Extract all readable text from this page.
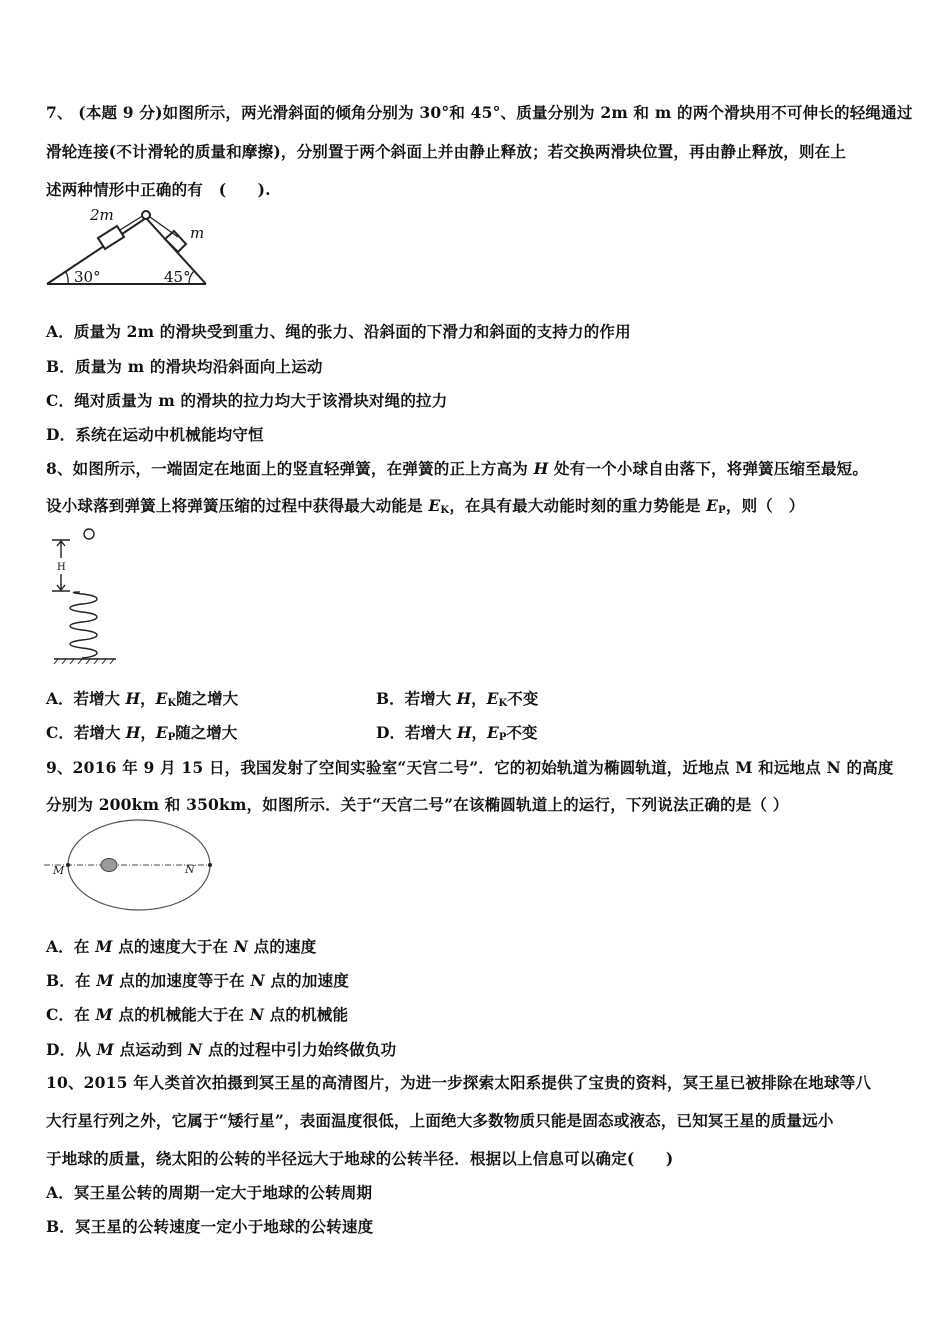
7、 (本题 9 分)如图所示，两光滑斜面的倾角分别为 30°和 45°、质量分别为 2m 和 m 的两个滑块用不可伸长的轻绳通过
滑轮连接(不计滑轮的质量和摩擦)，分别置于两个斜面上并由静止释放；若交换两滑块位置，再由静止释放，则在上
述两种情形中正确的有　(　　).
2m
m
30°	45°
A．质量为 2m 的滑块受到重力、绳的张力、沿斜面的下滑力和斜面的支持力的作用
B．质量为 m 的滑块均沿斜面向上运动
C．绳对质量为 m 的滑块的拉力均大于该滑块对绳的拉力
D．系统在运动中机械能均守恒
8、如图所示，一端固定在地面上的竖直轻弹簧，在弹簧的正上方高为 H 处有一个小球自由落下，将弹簧压缩至最短。
设小球落到弹簧上将弹簧压缩的过程中获得最大动能是 $E_K$，在具有最大动能时刻的重力势能是 $E_P$，则（　）
H
A．若增大 H，$E_K$随之增大	B．若增大 H，$E_K$不变
C．若增大 H，$E_P$随之增大	D．若增大 H，$E_P$不变
9、2016 年 9 月 15 日，我国发射了空间实验室“天宫二号”．它的初始轨道为椭圆轨道，近地点 M 和远地点 N 的高度
分别为 200km 和 350km，如图所示．关于“天宫二号”在该椭圆轨道上的运行，下列说法正确的是（ ）
M	N
A．在 M 点的速度大于在 N 点的速度
B．在 M 点的加速度等于在 N 点的加速度
C．在 M 点的机械能大于在 N 点的机械能
D．从 M 点运动到 N 点的过程中引力始终做负功
10、2015 年人类首次拍摄到冥王星的高清图片，为进一步探索太阳系提供了宝贵的资料，冥王星已被排除在地球等八
大行星行列之外，它属于“矮行星”，表面温度很低，上面绝大多数物质只能是固态或液态，已知冥王星的质量远小
于地球的质量，绕太阳的公转的半径远大于地球的公转半径．根据以上信息可以确定(　　)
A．冥王星公转的周期一定大于地球的公转周期
B．冥王星的公转速度一定小于地球的公转速度
